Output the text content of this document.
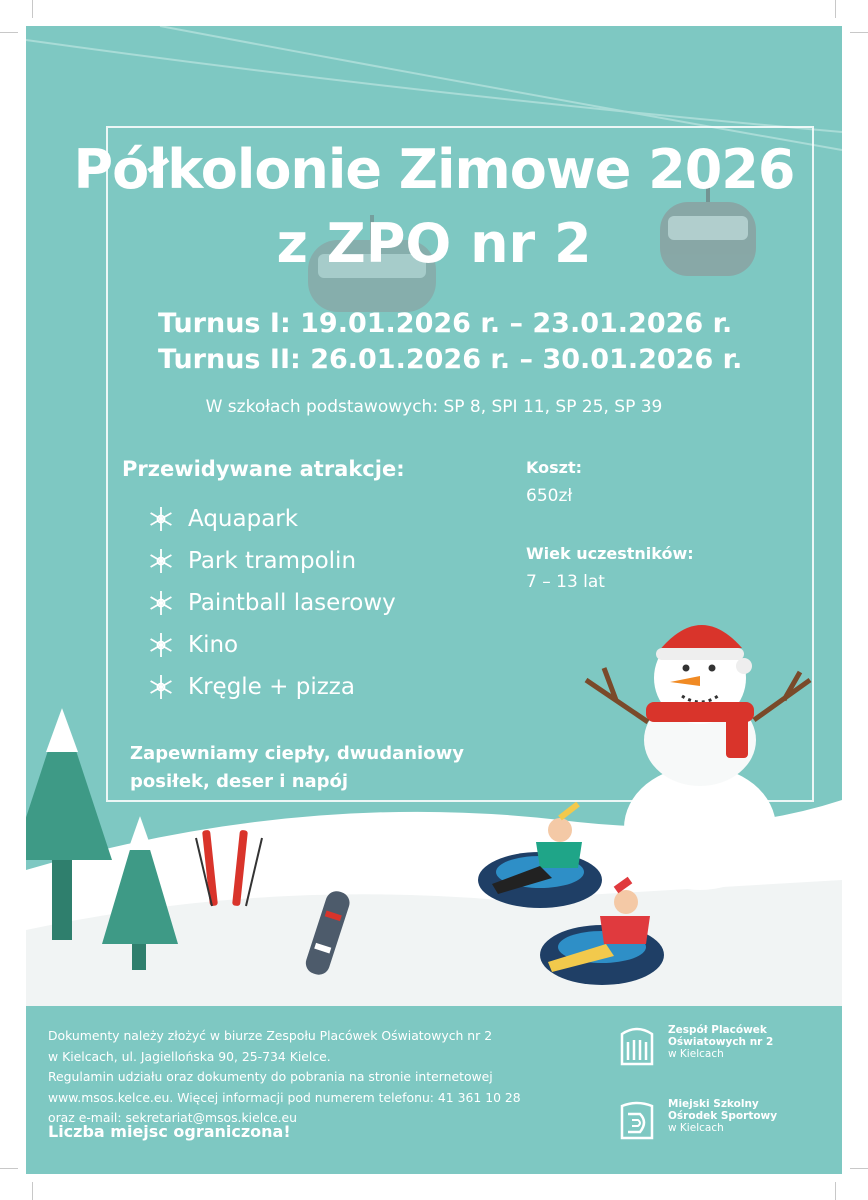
Półkolonie Zimowe 2026
z ZPO nr 2
Turnus I: 19.01.2026 r. – 23.01.2026 r.
Turnus II: 26.01.2026 r. – 30.01.2026 r.
W szkołach podstawowych: SP 8, SPI 11, SP 25, SP 39
Przewidywane atrakcje:
Aquapark
Park trampolin
Paintball laserowy
Kino
Kręgle + pizza
Koszt:
650zł
Wiek uczestników:
7 – 13 lat
Zapewniamy ciepły, dwudaniowy
posiłek, deser i napój
Dokumenty należy złożyć w biurze Zespołu Placówek Oświatowych nr 2
w Kielcach, ul. Jagiellońska 90, 25-734 Kielce.
Regulamin udziału oraz dokumenty do pobrania na stronie internetowej
www.msos.kelce.eu. Więcej informacji pod numerem telefonu: 41 361 10 28
oraz e-mail: sekretariat@msos.kielce.eu
Liczba miejsc ograniczona!
Zespół Placówek
Oświatowych nr 2
w Kielcach
Miejski Szkolny
Ośrodek Sportowy
w Kielcach
